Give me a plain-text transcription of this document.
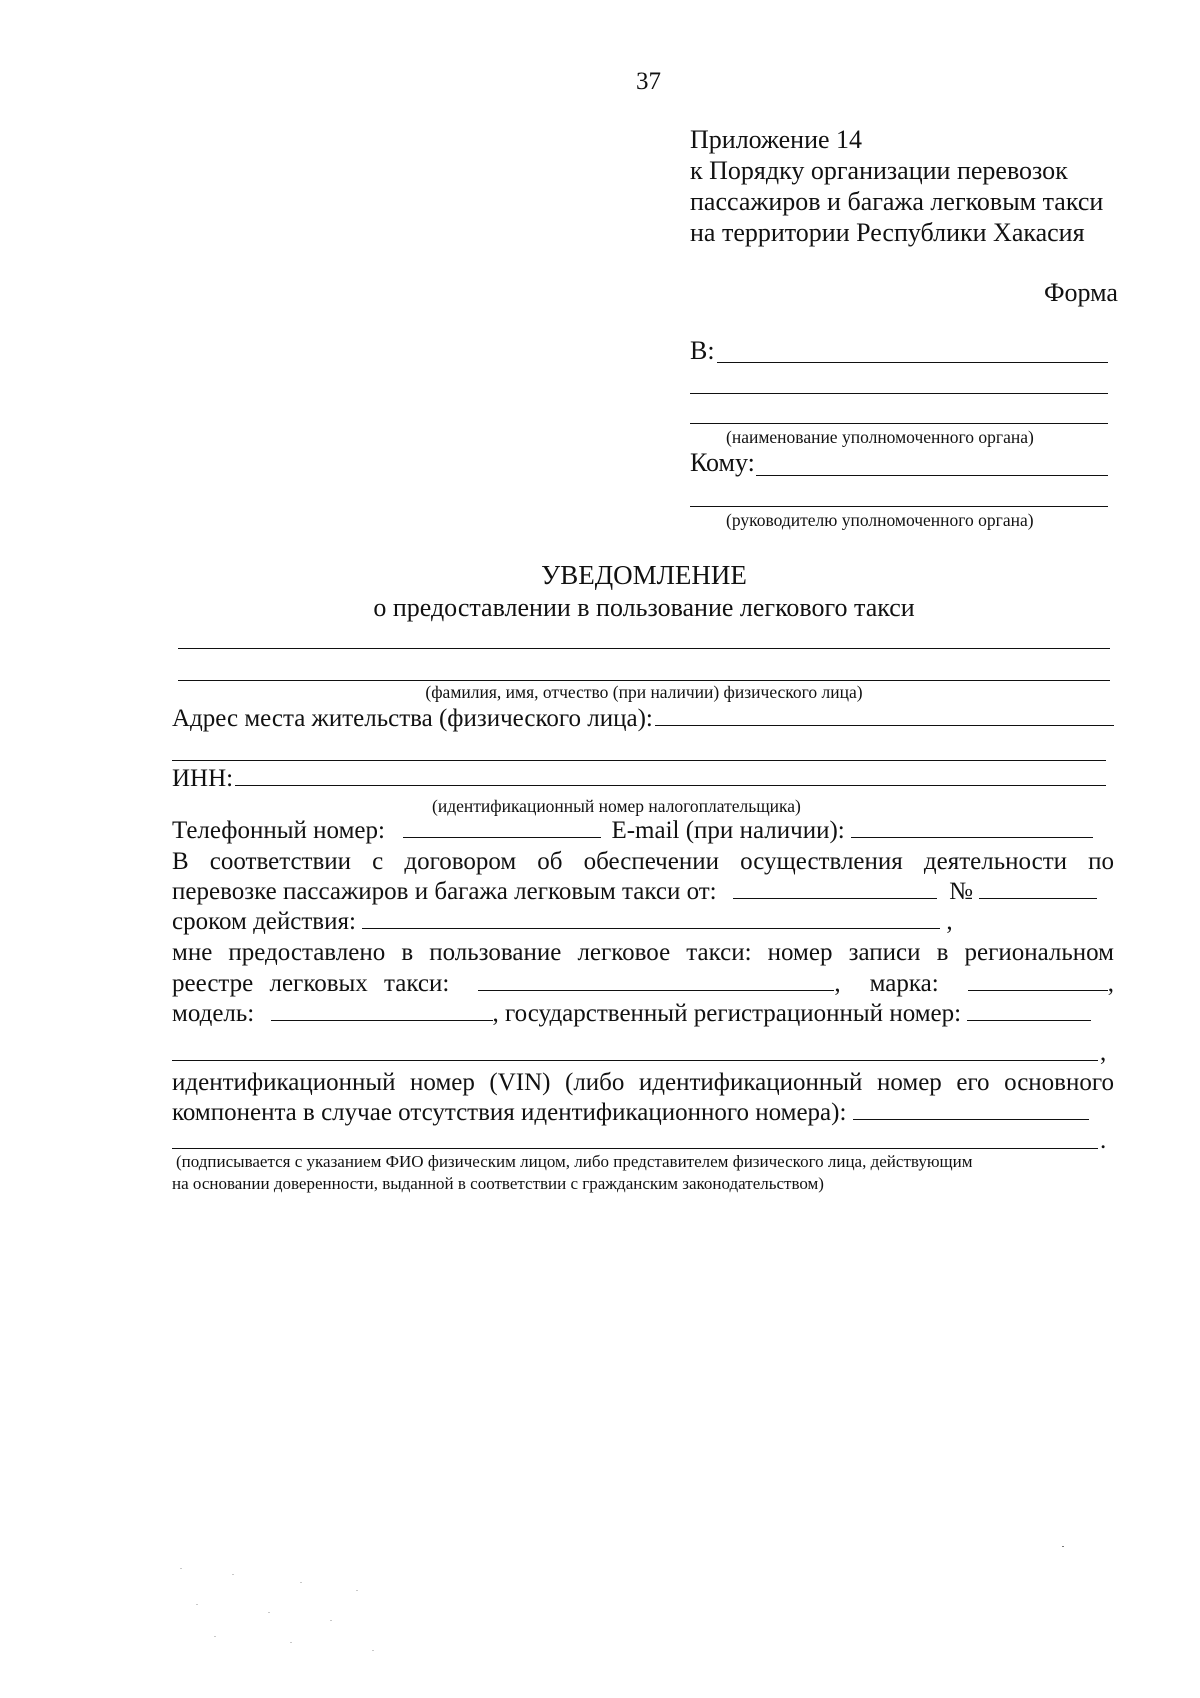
37
Приложение 14
к Порядку организации перевозок
пассажиров и багажа легковым такси
на территории Республики Хакасия
Форма
В:
(наименование уполномоченного органа)
Кому:
(руководителю уполномоченного органа)
УВЕДОМЛЕНИЕ
о предоставлении в пользование легкового такси
(фамилия, имя, отчество (при наличии) физического лица)
Адрес места жительства (физического лица):
ИНН:
(идентификационный номер налогоплательщика)
Телефонный номер:	E-mail (при наличии):
В соответствии с договором об обеспечении осуществления деятельности по
перевозке пассажиров и багажа легковым такси от:	№
сроком действия:	,
мне предоставлено в пользование легковое такси: номер записи в региональном
реестре легковых такси:	, марка:	,
модель:	, государственный регистрационный номер:
,
идентификационный номер (VIN) (либо идентификационный номер его основного
компонента в случае отсутствия идентификационного номера):
.
(подписывается с указанием ФИО физическим лицом, либо представителем физического лица, действующим
на основании доверенности, выданной в соответствии с гражданским законодательством)
